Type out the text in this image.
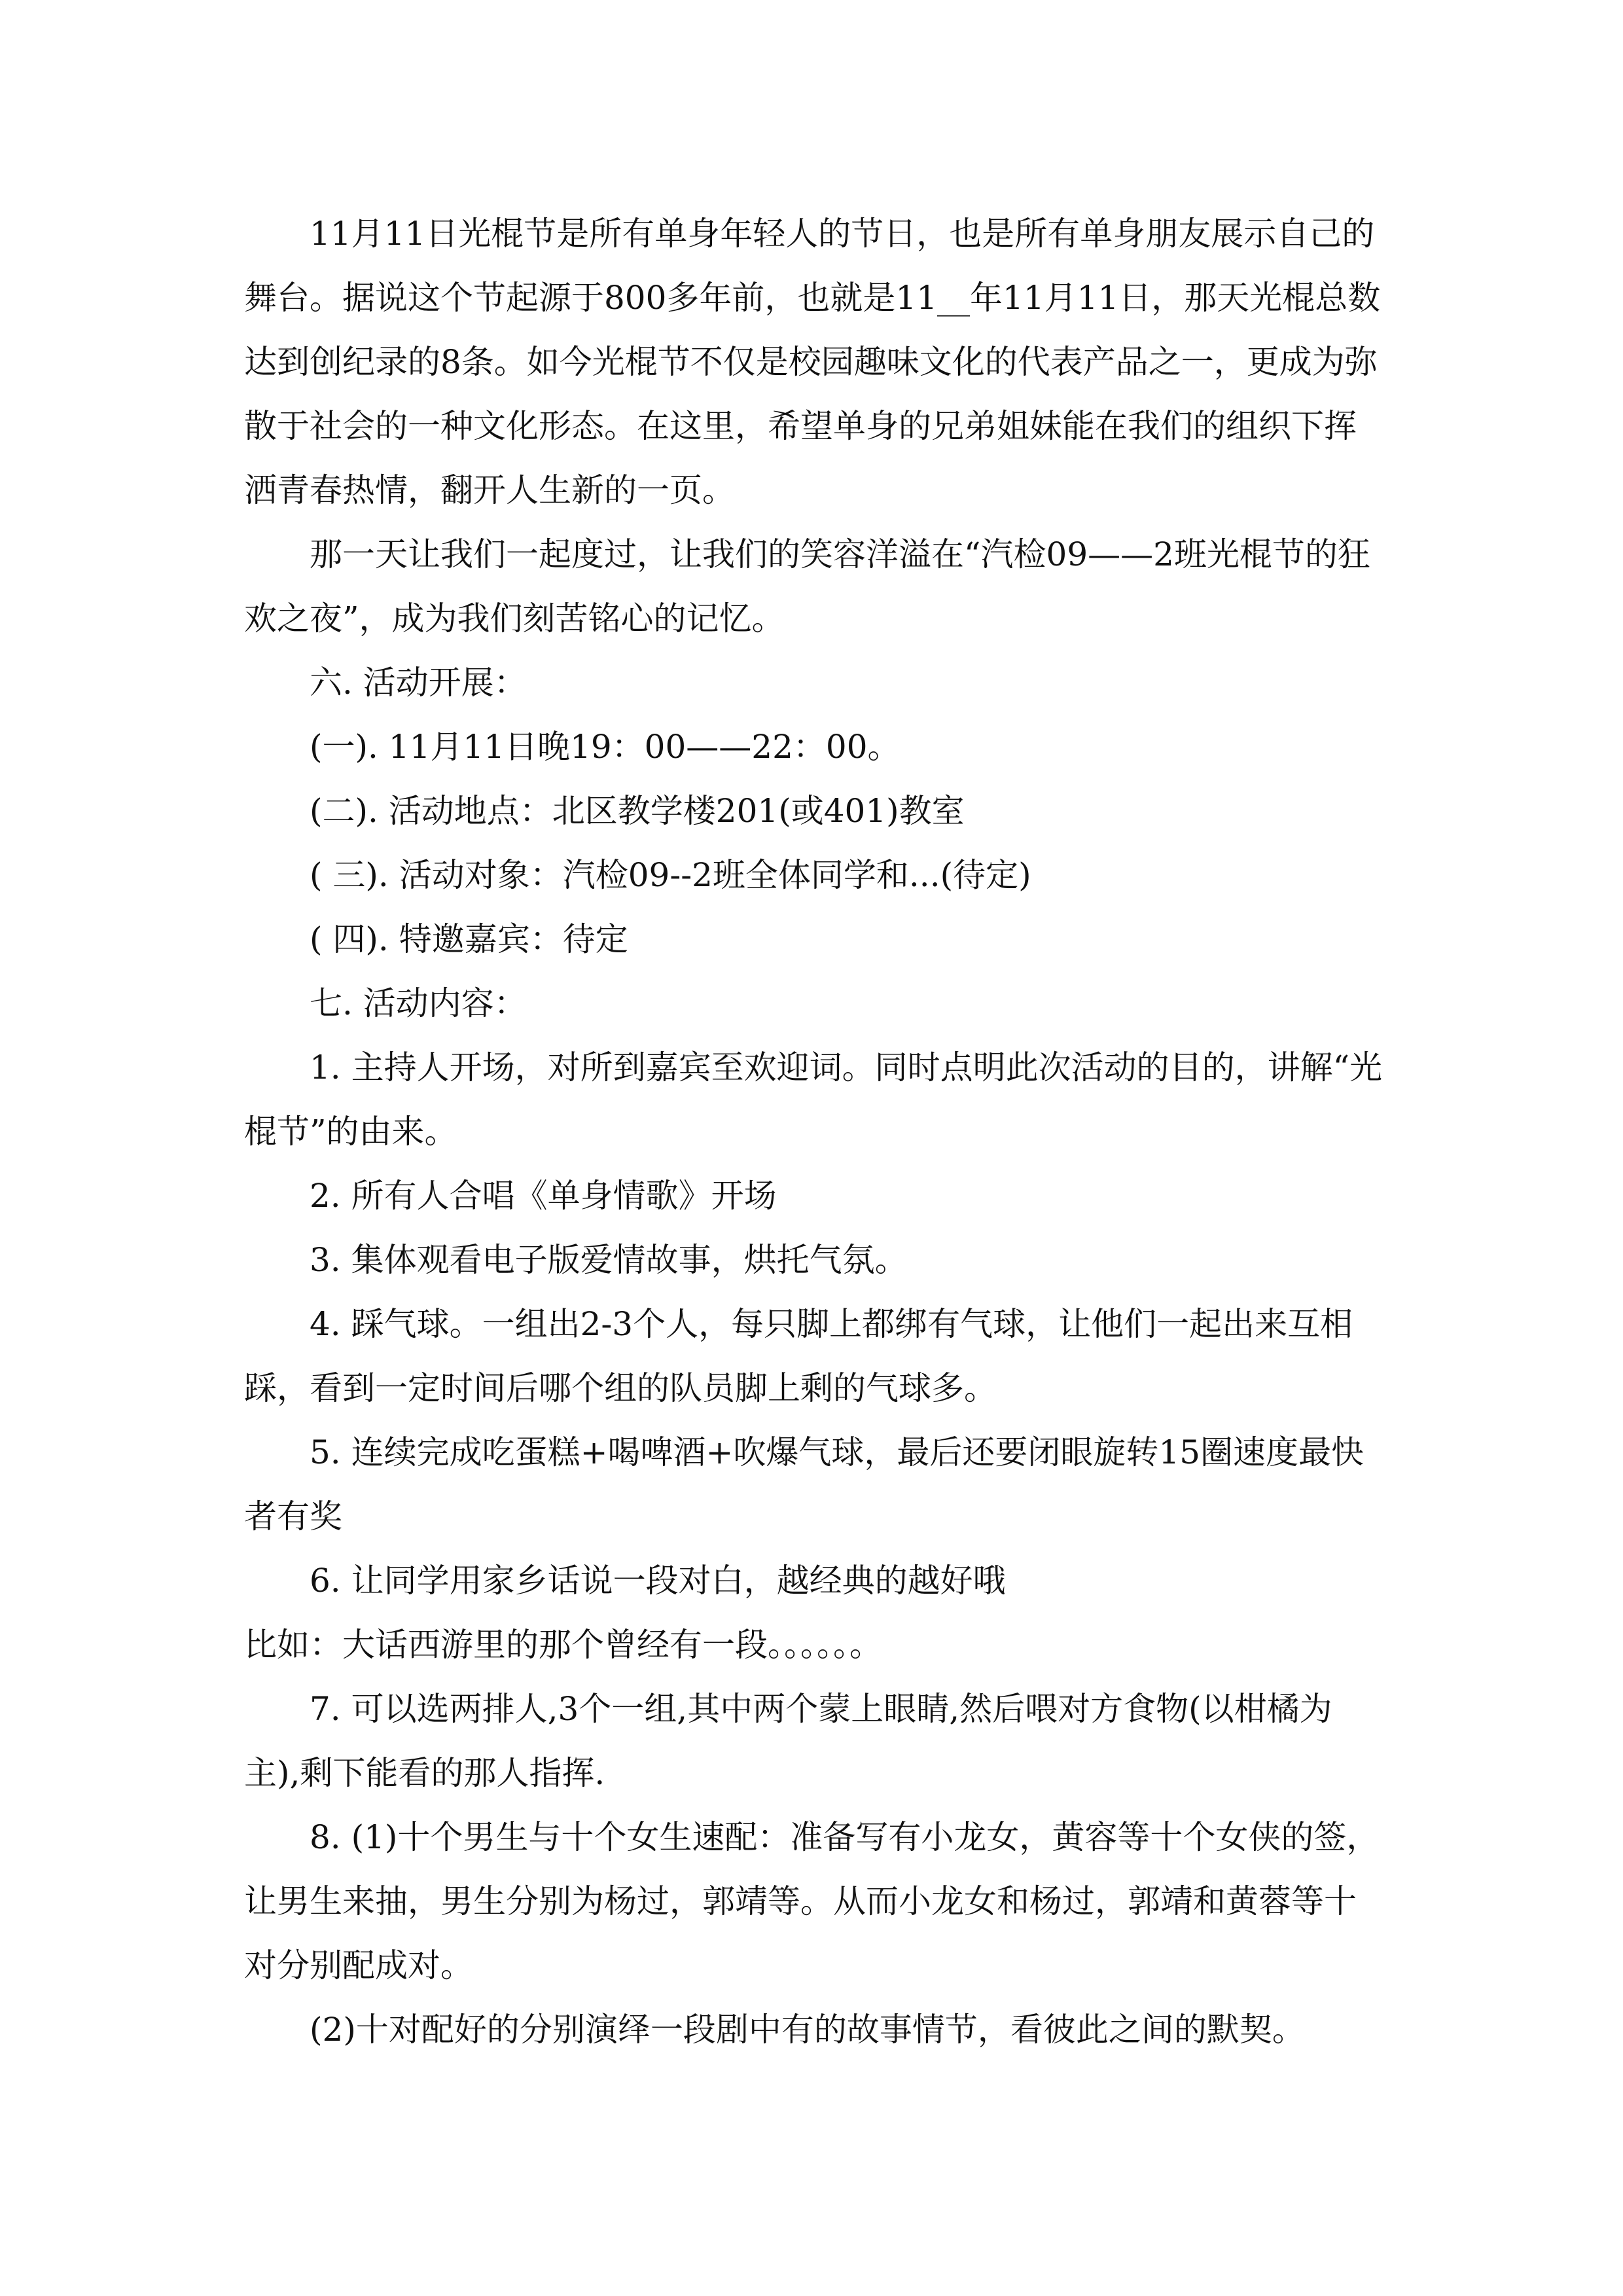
11月11日光棍节是所有单身年轻人的节日，也是所有单身朋友展示自己的舞台。据说这个节起源于800多年前，也就是11__年11月11日，那天光棍总数达到创纪录的8条。如今光棍节不仅是校园趣味文化的代表产品之一，更成为弥散于社会的一种文化形态。在这里，希望单身的兄弟姐妹能在我们的组织下挥洒青春热情，翻开人生新的一页。

那一天让我们一起度过，让我们的笑容洋溢在“汽检09——2班光棍节的狂欢之夜”，成为我们刻苦铭心的记忆。

六. 活动开展：

(一). 11月11日晚19：00——22：00。

(二). 活动地点：北区教学楼201(或401)教室

( 三). 活动对象：汽检09--2班全体同学和...(待定)

( 四). 特邀嘉宾：待定

七. 活动内容：

1. 主持人开场，对所到嘉宾至欢迎词。同时点明此次活动的目的，讲解“光棍节”的由来。

2. 所有人合唱《单身情歌》开场

3. 集体观看电子版爱情故事，烘托气氛。

4. 踩气球。一组出2-3个人，每只脚上都绑有气球，让他们一起出来互相踩，看到一定时间后哪个组的队员脚上剩的气球多。

5. 连续完成吃蛋糕+喝啤酒+吹爆气球，最后还要闭眼旋转15圈速度最快者有奖

6. 让同学用家乡话说一段对白，越经典的越好哦

比如：大话西游里的那个曾经有一段。。。。。。

7. 可以选两排人,3个一组,其中两个蒙上眼睛,然后喂对方食物(以柑橘为主),剩下能看的那人指挥.

8. (1)十个男生与十个女生速配：准备写有小龙女，黄容等十个女侠的签，让男生来抽，男生分别为杨过，郭靖等。从而小龙女和杨过，郭靖和黄蓉等十对分别配成对。

(2)十对配好的分别演绎一段剧中有的故事情节，看彼此之间的默契。
